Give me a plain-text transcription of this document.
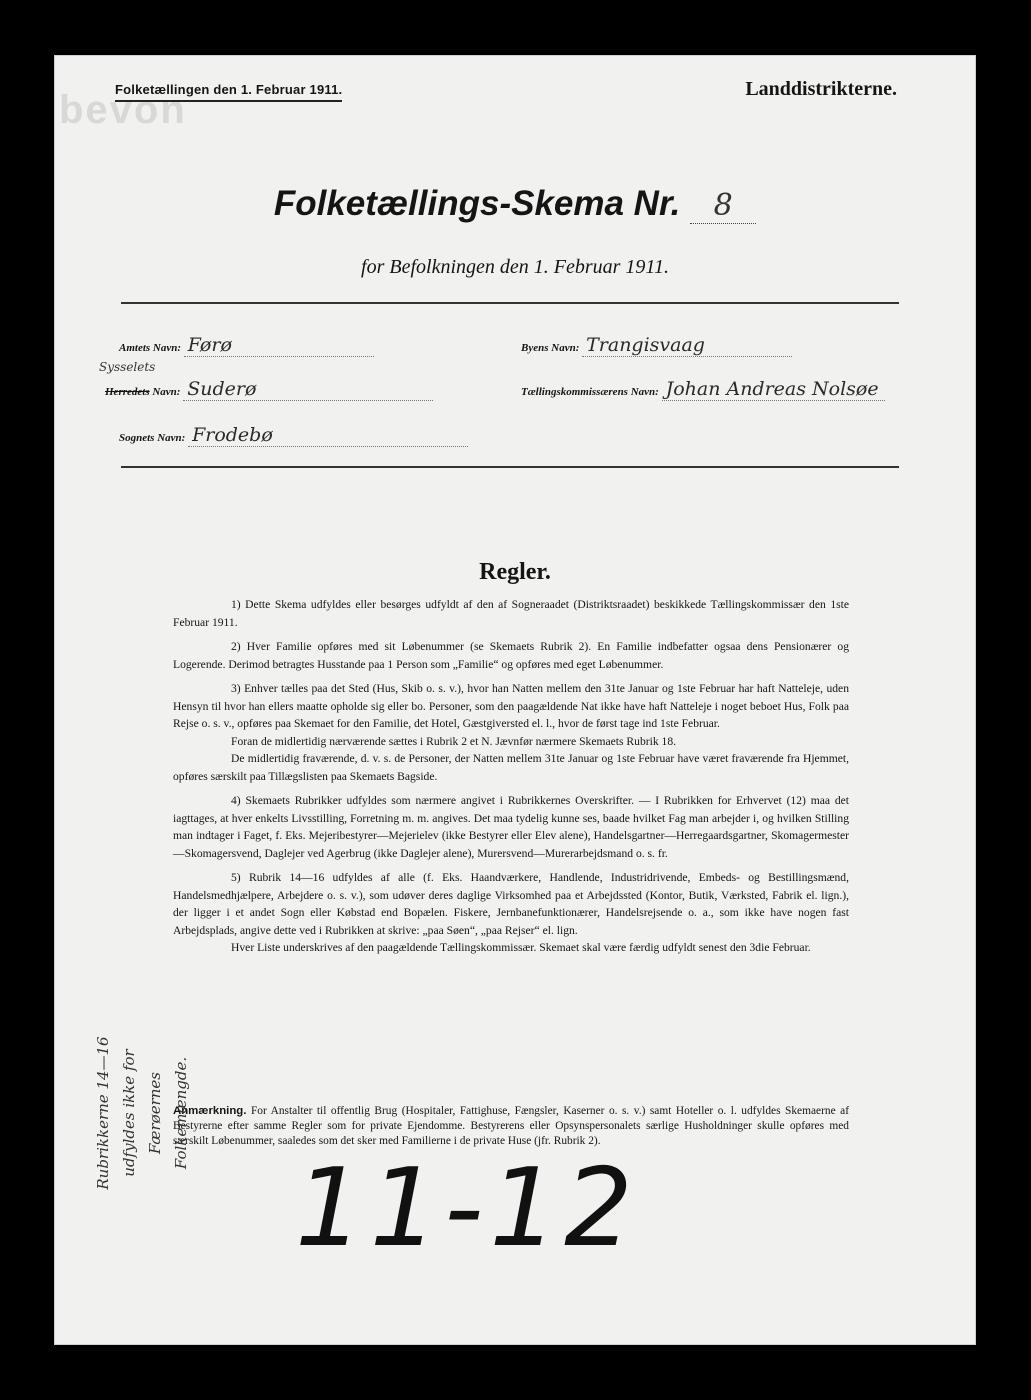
bevon
Folketællingen den 1. Februar 1911.	Landdistrikterne.
Folketællings-Skema Nr. 8
for Befolkningen den 1. Februar 1911.
Amtets Navn: Førø	Byens Navn: Trangisvaag
Sysselets
Herredets Navn: Suderø	Tællingskommissærens Navn: Johan Andreas Nolsøe
Sognets Navn: Frodebø
Regler.

1) Dette Skema udfyldes eller besørges udfyldt af den af Sogneraadet (Distriktsraadet) beskikkede Tællingskommissær den 1ste Februar 1911.

2) Hver Familie opføres med sit Løbenummer (se Skemaets Rubrik 2). En Familie indbefatter ogsaa dens Pensionærer og Logerende. Derimod betragtes Husstande paa 1 Person som „Familie“ og opføres med eget Løbenummer.

3) Enhver tælles paa det Sted (Hus, Skib o. s. v.), hvor han Natten mellem den 31te Januar og 1ste Februar har haft Natteleje, uden Hensyn til hvor han ellers maatte opholde sig eller bo. Personer, som den paagældende Nat ikke have haft Natteleje i noget beboet Hus, Folk paa Rejse o. s. v., opføres paa Skemaet for den Familie, det Hotel, Gæstgiversted el. l., hvor de først tage ind 1ste Februar.

Foran de midlertidig nærværende sættes i Rubrik 2 et N. Jævnfør nærmere Skemaets Rubrik 18.

De midlertidig fraværende, d. v. s. de Personer, der Natten mellem 31te Januar og 1ste Februar have været fraværende fra Hjemmet, opføres særskilt paa Tillægslisten paa Skemaets Bagside.

4) Skemaets Rubrikker udfyldes som nærmere angivet i Rubrikkernes Overskrifter. — I Rubrikken for Erhvervet (12) maa det iagttages, at hver enkelts Livsstilling, Forretning m. m. angives. Det maa tydelig kunne ses, baade hvilket Fag man arbejder i, og hvilken Stilling man indtager i Faget, f. Eks. Mejeribestyrer—Mejerielev (ikke Bestyrer eller Elev alene), Handelsgartner—Herregaardsgartner, Skomagermester—Skomagersvend, Daglejer ved Agerbrug (ikke Daglejer alene), Murersvend—Murerarbejdsmand o. s. fr.

5) Rubrik 14—16 udfyldes af alle (f. Eks. Haandværkere, Handlende, Industridrivende, Embeds- og Bestillingsmænd, Handelsmedhjælpere, Arbejdere o. s. v.), som udøver deres daglige Virksomhed paa et Arbejdssted (Kontor, Butik, Værksted, Fabrik el. lign.), der ligger i et andet Sogn eller Købstad end Bopælen. Fiskere, Jernbanefunktionærer, Handelsrejsende o. a., som ikke have nogen fast Arbejdsplads, angive dette ved i Rubrikken at skrive: „paa Søen“, „paa Rejser“ el. lign.

Hver Liste underskrives af den paagældende Tællingskommissær. Skemaet skal være færdig udfyldt senest den 3die Februar.

Anmærkning. For Anstalter til offentlig Brug (Hospitaler, Fattighuse, Fængsler, Kaserner o. s. v.) samt Hoteller o. l. udfyldes Skemaerne af Bestyrerne efter samme Regler som for private Ejendomme. Bestyrerens eller Opsynspersonalets særlige Husholdninger skulle opføres med særskilt Løbenummer, saaledes som det sker med Familierne i de private Huse (jfr. Rubrik 2).
Rubrikkerne 14—16 udfyldes ikke for Færøernes Folkemængde.
11-12
